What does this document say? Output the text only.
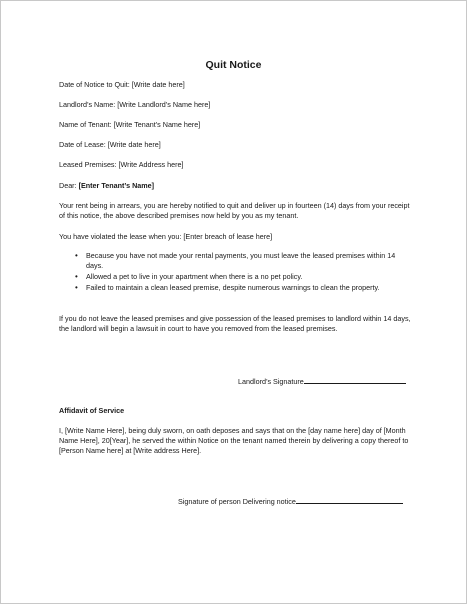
Quit Notice
Date of Notice to Quit: [Write date here]
Landlord’s Name: [Write Landlord’s Name here]
Name of Tenant: [Write Tenant’s Name here]
Date of Lease: [Write date here]
Leased Premises: [Write Address here]
Dear: [Enter Tenant’s Name]
Your rent being in arrears, you are hereby notified to quit and deliver up in fourteen (14) days from your receipt of this notice, the above described premises now held by you as my tenant.
You have violated the lease when you: [Enter breach of lease here]
• Because you have not made your rental payments, you must leave the leased premises within 14 days.
• Allowed a pet to live in your apartment when there is a no pet policy.
• Failed to maintain a clean leased premise, despite numerous warnings to clean the property.
If you do not leave the leased premises and give possession of the leased premises to landlord within 14 days, the landlord will begin a lawsuit in court to have you removed from the leased premises.
Landlord’s Signature
Affidavit of Service
I, [Write Name Here], being duly sworn, on oath deposes and says that on the [day name here] day of [Month Name Here], 20[Year], he served the within Notice on the tenant named therein by delivering a copy thereof to [Person Name here] at [Write address Here].
Signature of person Delivering notice
